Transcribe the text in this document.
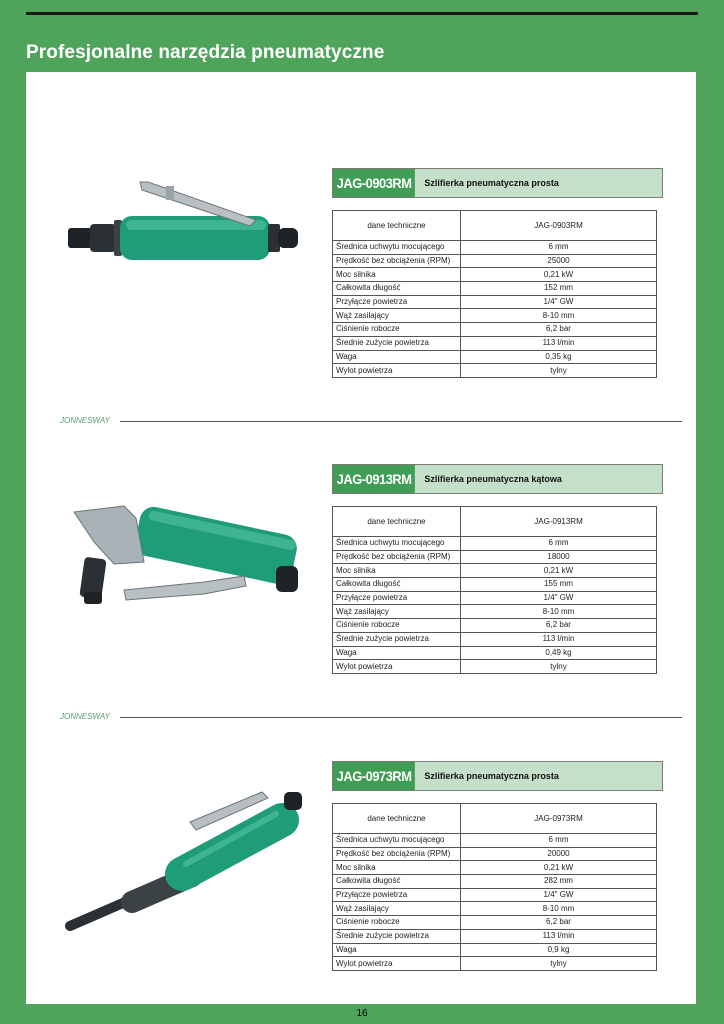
Profesjonalne narzędzia pneumatyczne
JAG-0903RM	Szlifierka pneumatyczna prosta
dane techniczne	JAG-0903RM
Średnica uchwytu mocującego	6 mm
Prędkość bez obciążenia (RPM)	25000
Moc silnika	0,21 kW
Całkowita długość	152 mm
Przyłącze powietrza	1/4" GW
Wąż zasilający	8-10 mm
Ciśnienie robocze	6,2 bar
Średnie zużycie powietrza	113 l/min
Waga	0,35 kg
Wylot powietrza	tylny
JONNESWAY
JAG-0913RM	Szlifierka pneumatyczna kątowa
dane techniczne	JAG-0913RM
Średnica uchwytu mocującego	6 mm
Prędkość bez obciążenia (RPM)	18000
Moc silnika	0,21 kW
Całkowita długość	155 mm
Przyłącze powietrza	1/4" GW
Wąż zasilający	8-10 mm
Ciśnienie robocze	6,2 bar
Średnie zużycie powietrza	113 l/min
Waga	0,49 kg
Wylot powietrza	tylny
JONNESWAY
JAG-0973RM	Szlifierka pneumatyczna prosta
dane techniczne	JAG-0973RM
Średnica uchwytu mocującego	6 mm
Prędkość bez obciążenia (RPM)	20000
Moc silnika	0,21 kW
Całkowita długość	282 mm
Przyłącze powietrza	1/4" GW
Wąż zasilający	8-10 mm
Ciśnienie robocze	6,2 bar
Średnie zużycie powietrza	113 l/min
Waga	0,9 kg
Wylot powietrza	tylny
16
